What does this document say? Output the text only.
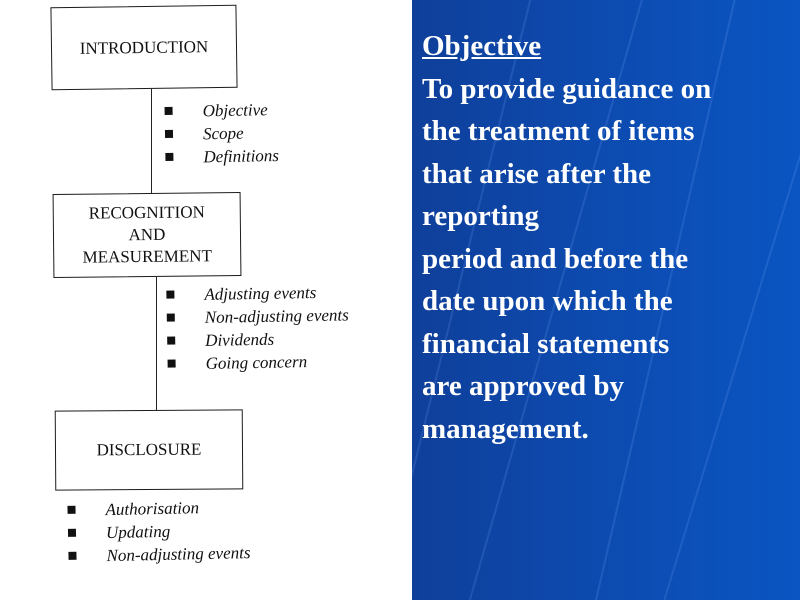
INTRODUCTION
Objective
Scope
Definitions
RECOGNITION
AND
MEASUREMENT
Adjusting events
Non-adjusting events
Dividends
Going concern
DISCLOSURE
Authorisation
Updating
Non-adjusting events
Objective
To provide guidance on
the treatment of items
that arise after the
reporting
period and before the
date upon which the
financial statements
are approved by
management.
